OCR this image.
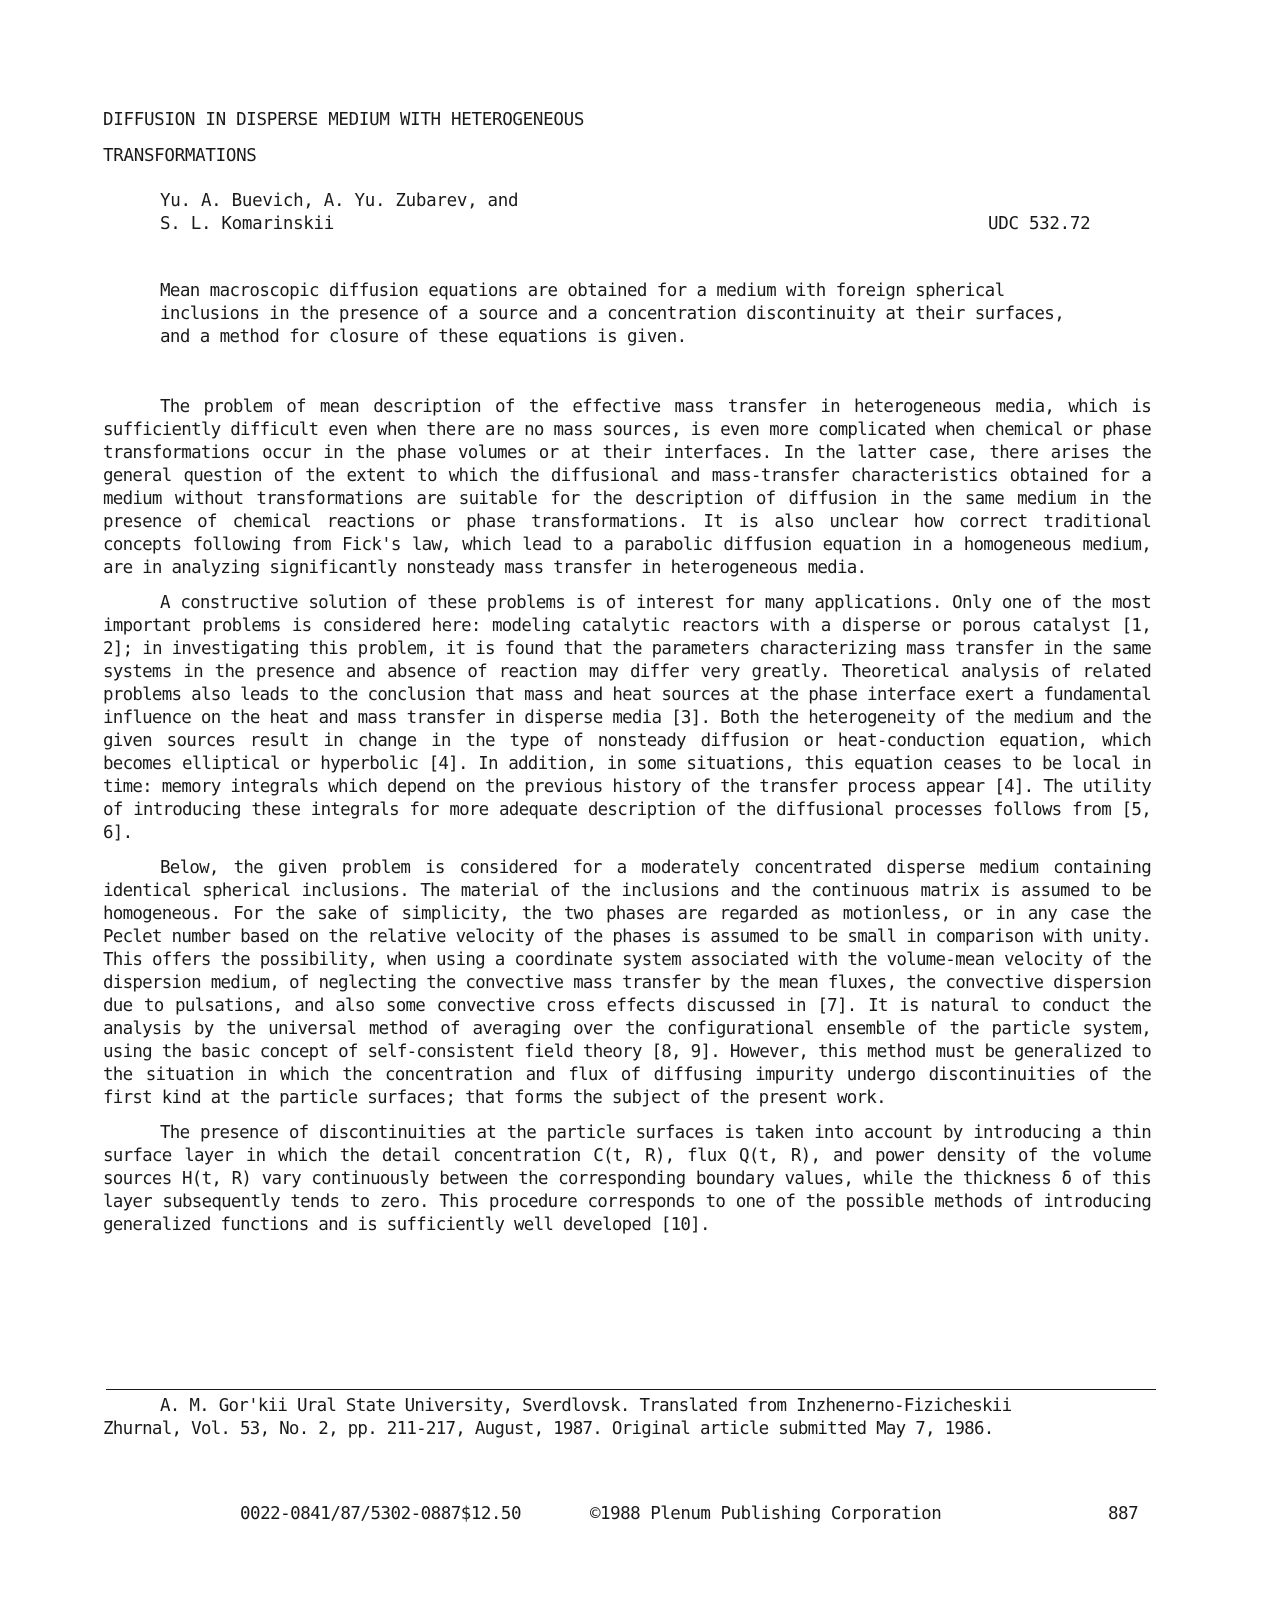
DIFFUSION IN DISPERSE MEDIUM WITH HETEROGENEOUS
TRANSFORMATIONS
Yu. A. Buevich, A. Yu. Zubarev, and
S. L. Komarinskii	UDC 532.72

Mean macroscopic diffusion equations are obtained for a medium with foreign spherical inclusions in the presence of a source and a concentration discontinuity at their surfaces, and a method for closure of these equations is given.

The problem of mean description of the effective mass transfer in heterogeneous media, which is sufficiently difficult even when there are no mass sources, is even more complicated when chemical or phase transformations occur in the phase volumes or at their interfaces. In the latter case, there arises the general question of the extent to which the diffusional and mass-transfer characteristics obtained for a medium without transformations are suitable for the description of diffusion in the same medium in the presence of chemical reactions or phase transformations. It is also unclear how correct traditional concepts following from Fick's law, which lead to a parabolic diffusion equation in a homogeneous medium, are in analyzing significantly nonsteady mass transfer in heterogeneous media.

A constructive solution of these problems is of interest for many applications. Only one of the most important problems is considered here: modeling catalytic reactors with a disperse or porous catalyst [1, 2]; in investigating this problem, it is found that the parameters characterizing mass transfer in the same systems in the presence and absence of reaction may differ very greatly. Theoretical analysis of related problems also leads to the conclusion that mass and heat sources at the phase interface exert a fundamental influence on the heat and mass transfer in disperse media [3]. Both the heterogeneity of the medium and the given sources result in change in the type of nonsteady diffusion or heat-conduction equation, which becomes elliptical or hyperbolic [4]. In addition, in some situations, this equation ceases to be local in time: memory integrals which depend on the previous history of the transfer process appear [4]. The utility of introducing these integrals for more adequate description of the diffusional processes follows from [5, 6].

Below, the given problem is considered for a moderately concentrated disperse medium containing identical spherical inclusions. The material of the inclusions and the continuous matrix is assumed to be homogeneous. For the sake of simplicity, the two phases are regarded as motionless, or in any case the Peclet number based on the relative velocity of the phases is assumed to be small in comparison with unity. This offers the possibility, when using a coordinate system associated with the volume-mean velocity of the dispersion medium, of neglecting the convective mass transfer by the mean fluxes, the convective dispersion due to pulsations, and also some convective cross effects discussed in [7]. It is natural to conduct the analysis by the universal method of averaging over the configurational ensemble of the particle system, using the basic concept of self-consistent field theory [8, 9]. However, this method must be generalized to the situation in which the concentration and flux of diffusing impurity undergo discontinuities of the first kind at the particle surfaces; that forms the subject of the present work.

The presence of discontinuities at the particle surfaces is taken into account by introducing a thin surface layer in which the detail concentration C(t, R), flux Q(t, R), and power density of the volume sources H(t, R) vary continuously between the corresponding boundary values, while the thickness δ of this layer subsequently tends to zero. This procedure corresponds to one of the possible methods of introducing generalized functions and is sufficiently well developed [10].

A. M. Gor'kii Ural State University, Sverdlovsk. Translated from Inzhenerno-Fizicheskii
Zhurnal, Vol. 53, No. 2, pp. 211-217, August, 1987. Original article submitted May 7, 1986.
0022-0841/87/5302-0887$12.50	©1988 Plenum Publishing Corporation	887
